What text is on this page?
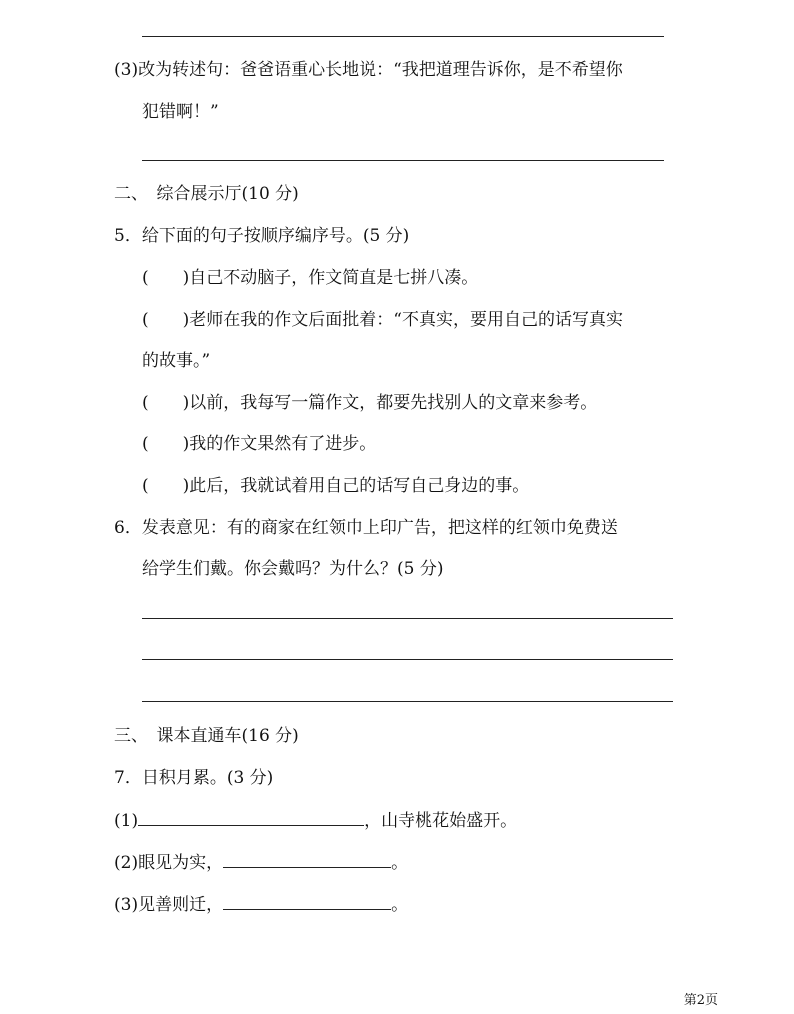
(3)改为转述句：爸爸语重心长地说：“我把道理告诉你，是不希望你
犯错啊！”
二、　综合展示厅(10 分)
5．给下面的句子按顺序编序号。(5 分)
(　　)自己不动脑子，作文简直是七拼八凑。
(　　)老师在我的作文后面批着：“不真实，要用自己的话写真实
的故事。”
(　　)以前，我每写一篇作文，都要先找别人的文章来参考。
(　　)我的作文果然有了进步。
(　　)此后，我就试着用自己的话写自己身边的事。
6．发表意见：有的商家在红领巾上印广告，把这样的红领巾免费送
给学生们戴。你会戴吗？为什么？(5 分)
三、　课本直通车(16 分)
7．日积月累。(3 分)
(1)	，山寺桃花始盛开。
(2)眼见为实，	。
(3)见善则迁，	。
第2页
